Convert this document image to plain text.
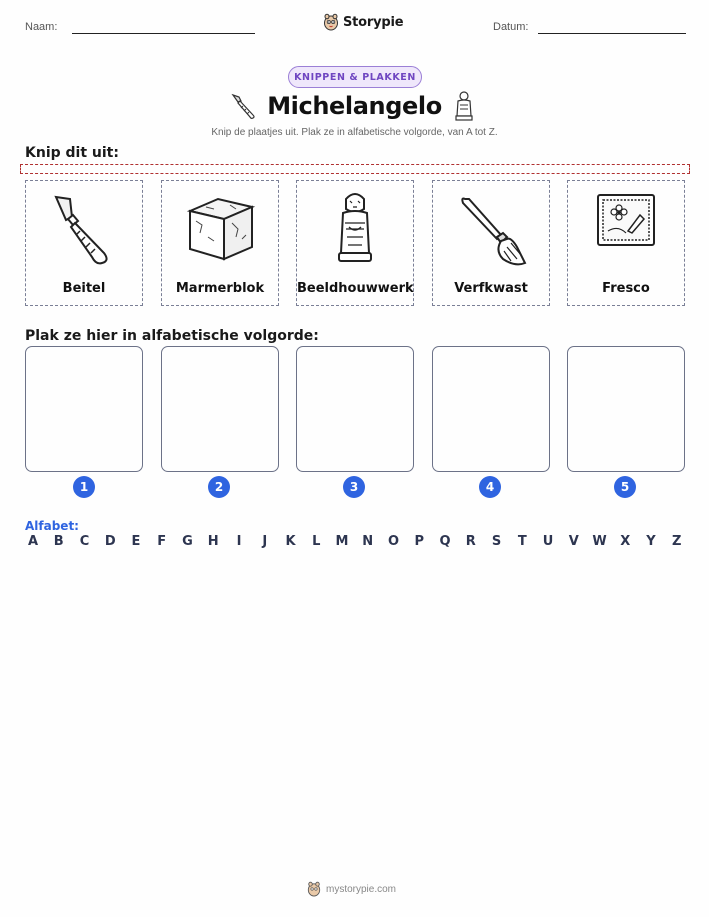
Naam:	Storypie	Datum:
KNIPPEN & PLAKKEN
Michelangelo
Knip de plaatjes uit. Plak ze in alfabetische volgorde, van A tot Z.
Knip dit uit:
Beitel	Marmerblok	Beeldhouwwerk	Verfkwast	Fresco
Plak ze hier in alfabetische volgorde:
1	2	3	4	5
Alfabet:
A B C D E F G H	I	J	K L M N O P Q R S T U V W X Y Z
mystorypie.com
